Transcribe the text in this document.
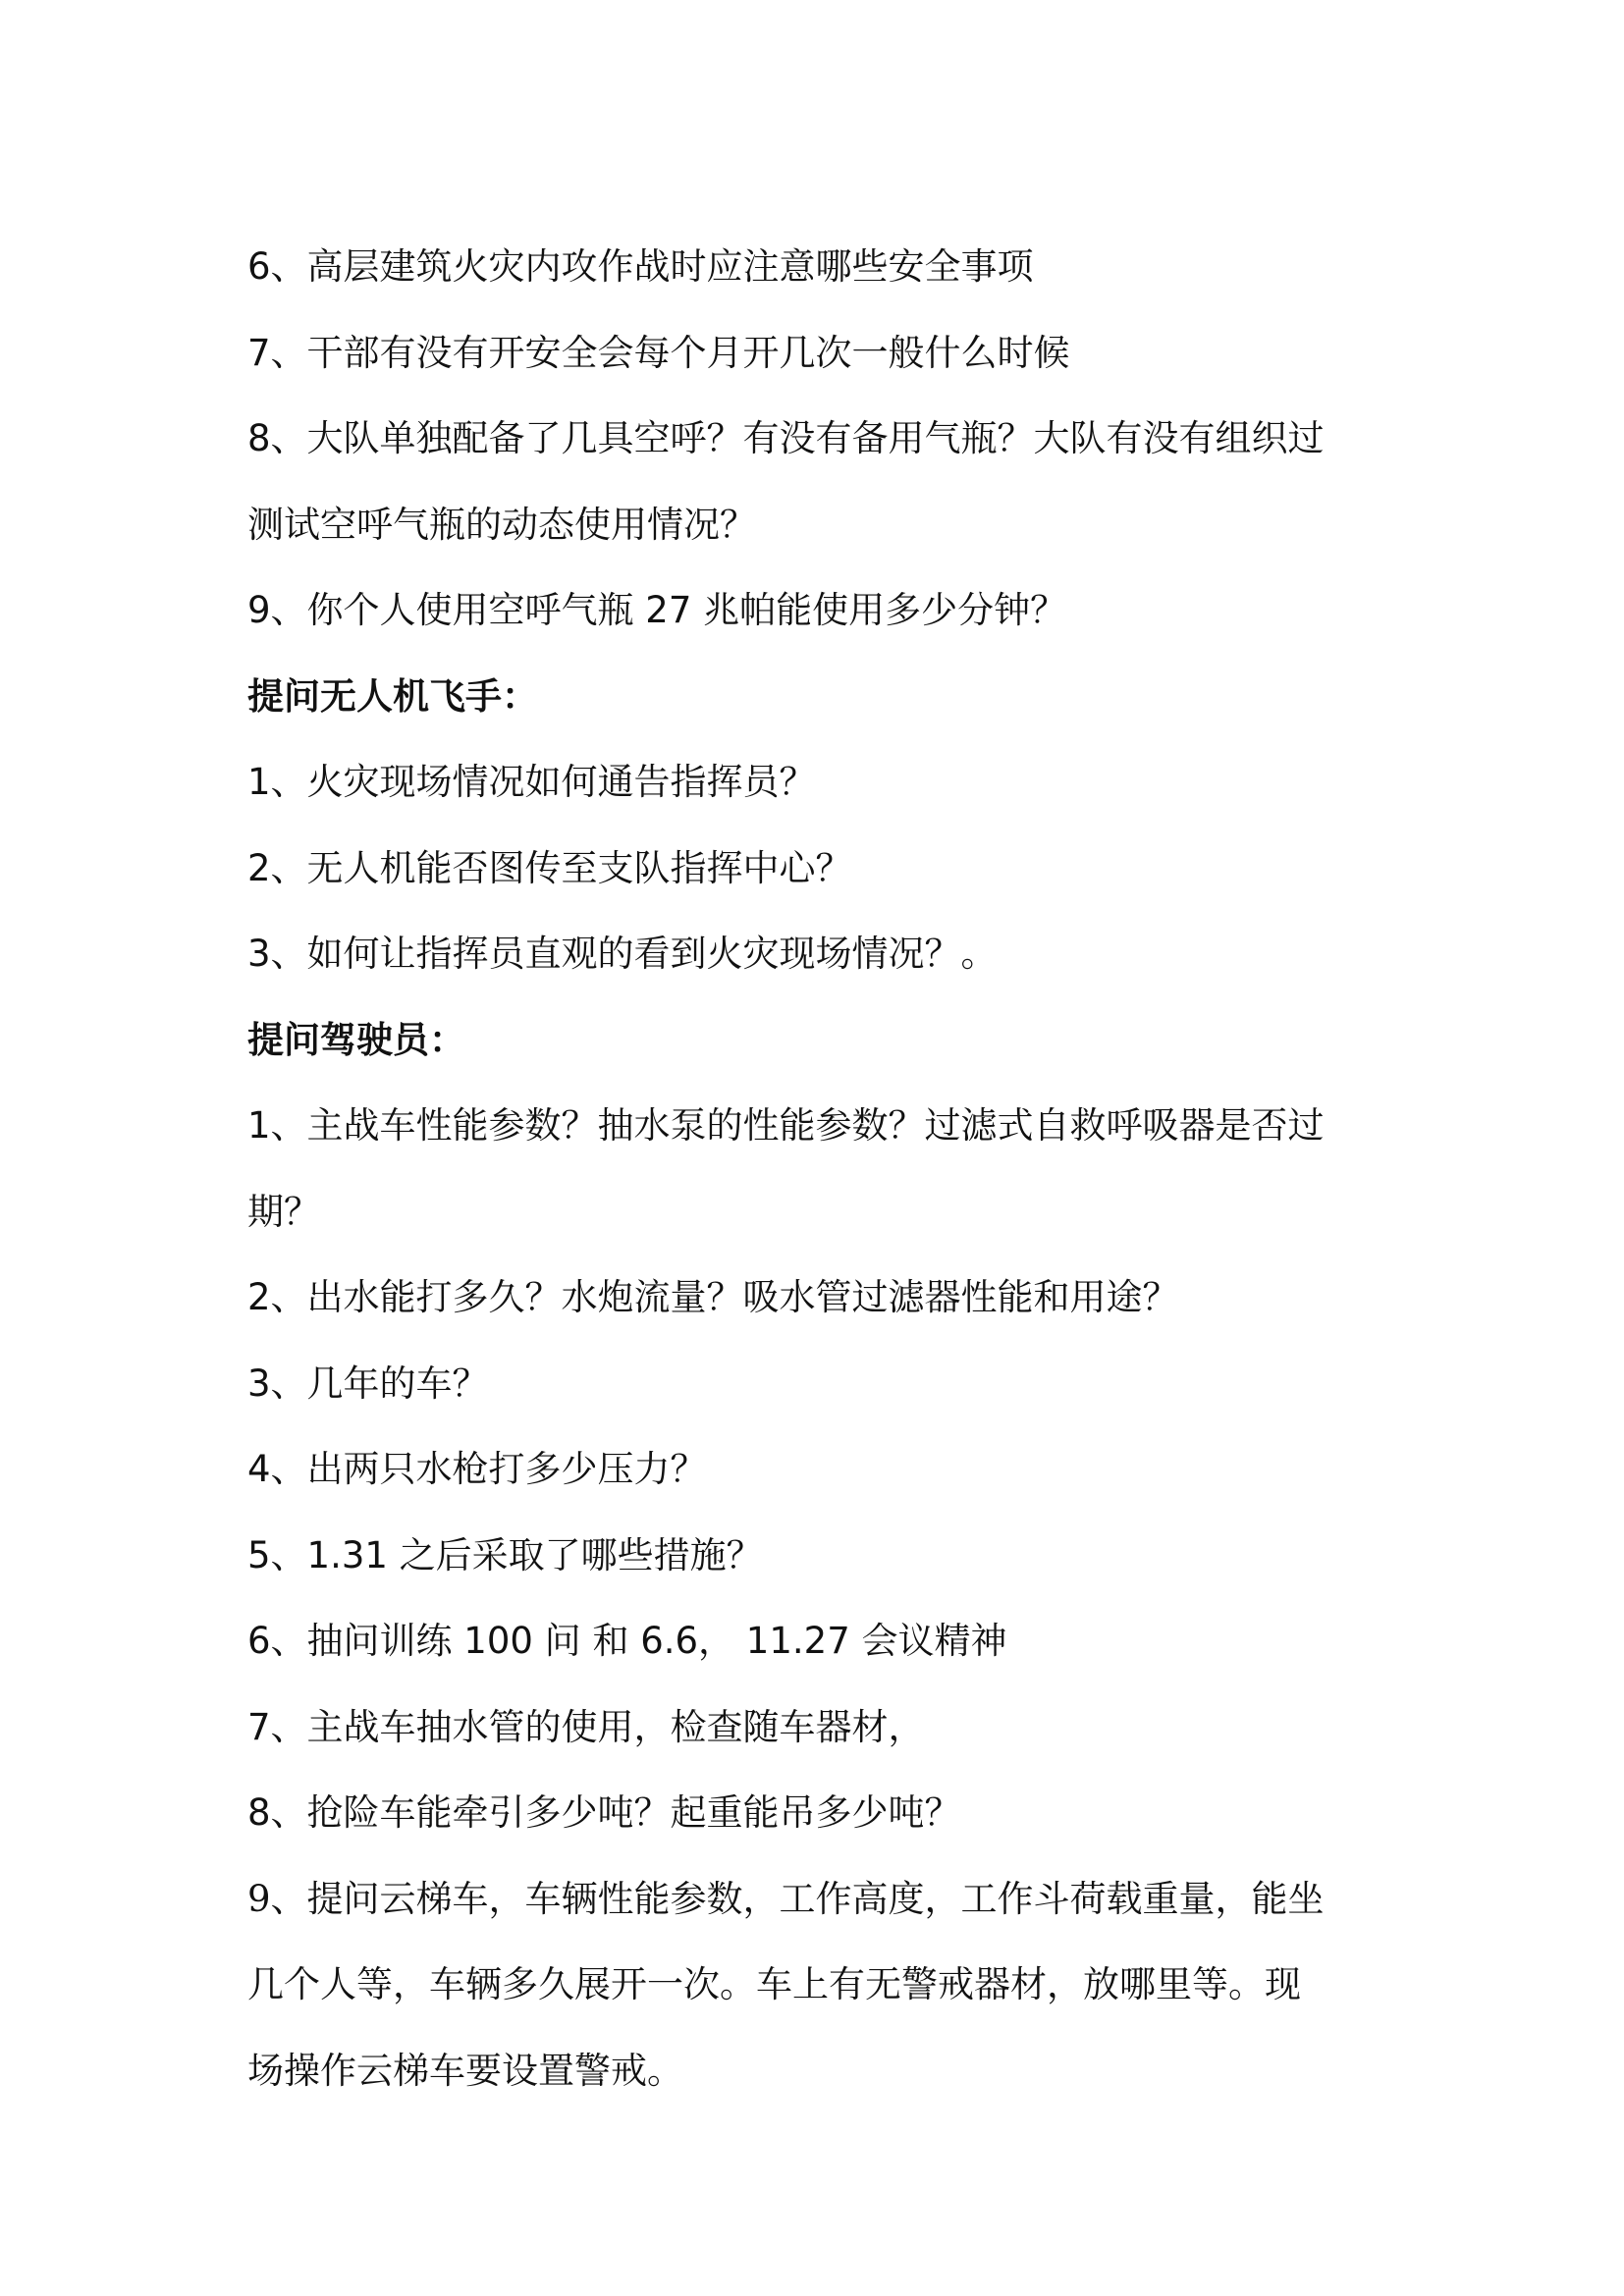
6、高层建筑火灾内攻作战时应注意哪些安全事项

7、干部有没有开安全会每个月开几次一般什么时候

8、大队单独配备了几具空呼？有没有备用气瓶？大队有没有组织过

测试空呼气瓶的动态使用情况？

9、你个人使用空呼气瓶 27 兆帕能使用多少分钟？

提问无人机飞手：

1、火灾现场情况如何通告指挥员？

2、无人机能否图传至支队指挥中心？

3、如何让指挥员直观的看到火灾现场情况？。

提问驾驶员：

1、主战车性能参数？抽水泵的性能参数？过滤式自救呼吸器是否过

期？

2、出水能打多久？水炮流量？吸水管过滤器性能和用途？

3、几年的车？

4、出两只水枪打多少压力？

5、1.31 之后采取了哪些措施？

6、抽问训练 100 问 和 6.6， 11.27 会议精神

7、主战车抽水管的使用，检查随车器材，

8、抢险车能牵引多少吨？起重能吊多少吨？

9、提问云梯车，车辆性能参数，工作高度，工作斗荷载重量，能坐

几个人等，车辆多久展开一次。车上有无警戒器材，放哪里等。现

场操作云梯车要设置警戒。
